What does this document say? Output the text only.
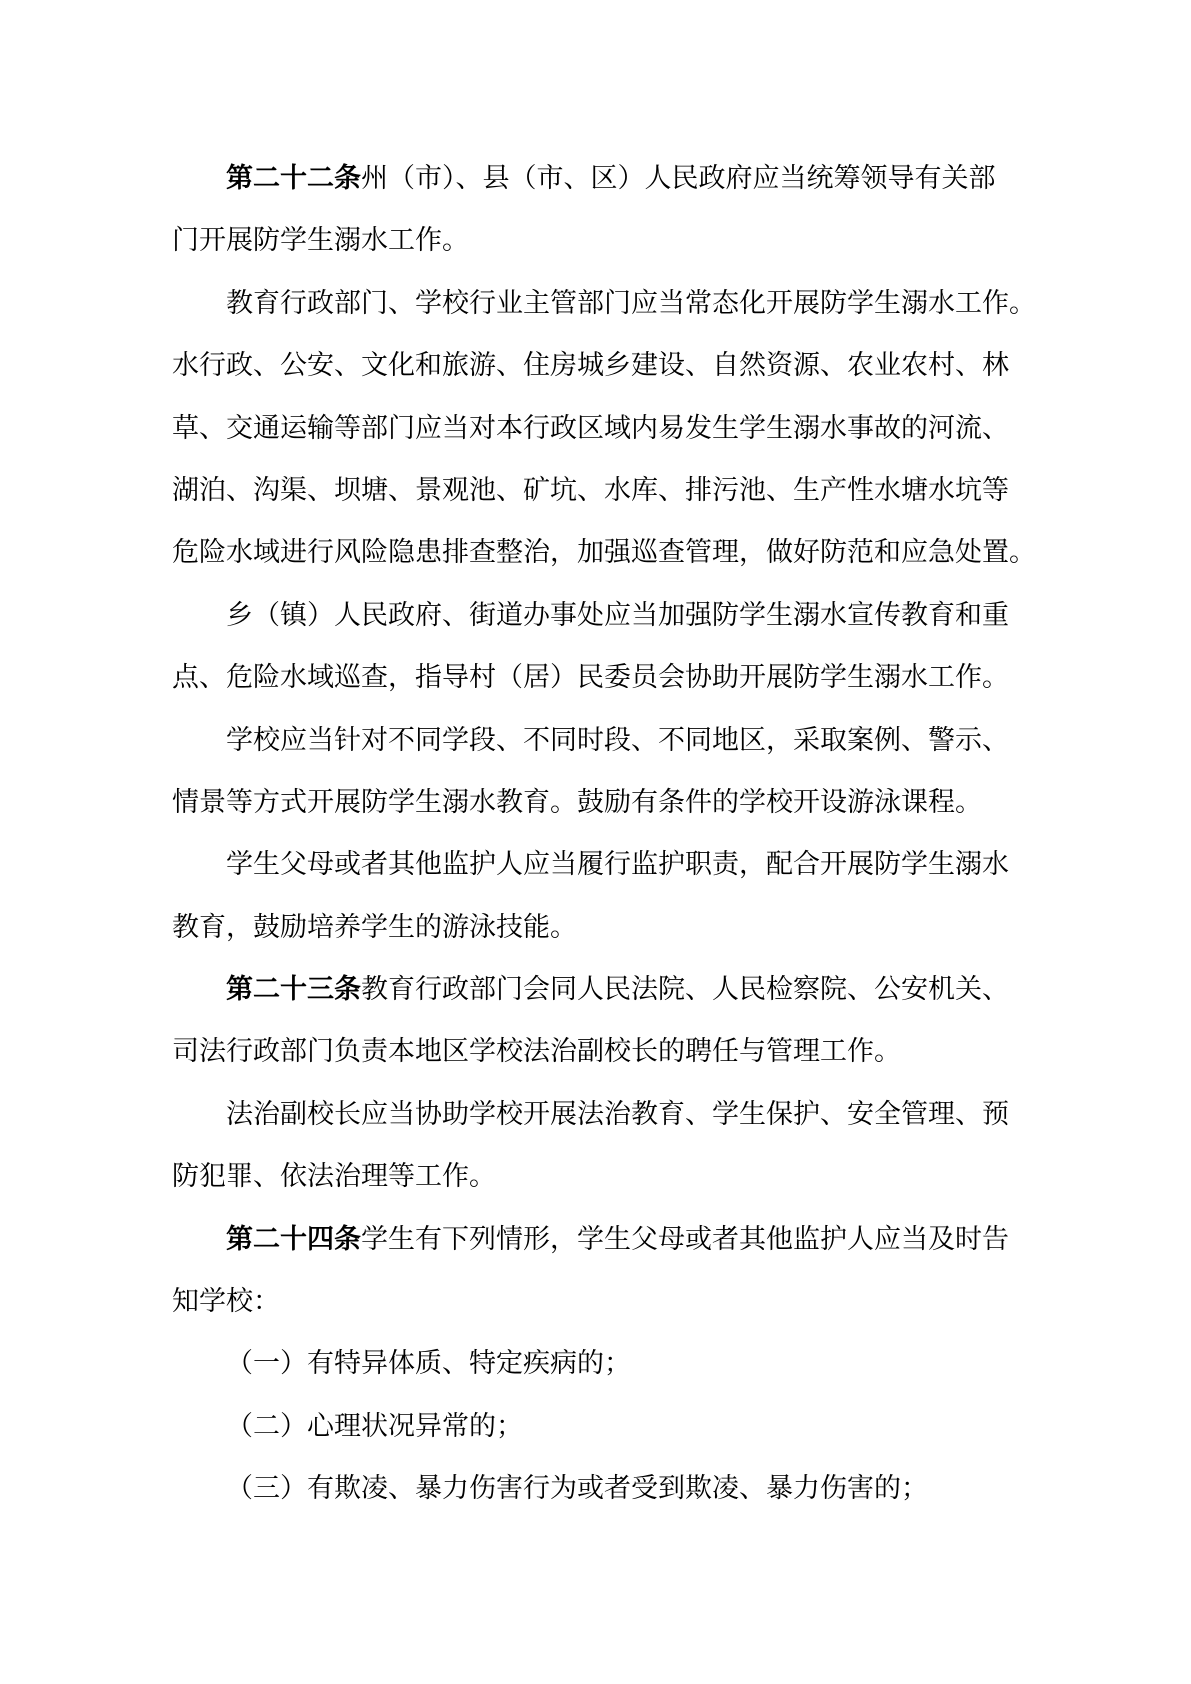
第二十二条州（市）、县（市、区）人民政府应当统筹领导有关部
门开展防学生溺水工作。
教育行政部门、学校行业主管部门应当常态化开展防学生溺水工作。
水行政、公安、文化和旅游、住房城乡建设、自然资源、农业农村、林
草、交通运输等部门应当对本行政区域内易发生学生溺水事故的河流、
湖泊、沟渠、坝塘、景观池、矿坑、水库、排污池、生产性水塘水坑等
危险水域进行风险隐患排查整治，加强巡查管理，做好防范和应急处置。
乡（镇）人民政府、街道办事处应当加强防学生溺水宣传教育和重
点、危险水域巡查，指导村（居）民委员会协助开展防学生溺水工作。
学校应当针对不同学段、不同时段、不同地区，采取案例、警示、
情景等方式开展防学生溺水教育。鼓励有条件的学校开设游泳课程。
学生父母或者其他监护人应当履行监护职责，配合开展防学生溺水
教育，鼓励培养学生的游泳技能。
第二十三条教育行政部门会同人民法院、人民检察院、公安机关、
司法行政部门负责本地区学校法治副校长的聘任与管理工作。
法治副校长应当协助学校开展法治教育、学生保护、安全管理、预
防犯罪、依法治理等工作。
第二十四条学生有下列情形，学生父母或者其他监护人应当及时告
知学校：
（一）有特异体质、特定疾病的；
（二）心理状况异常的；
（三）有欺凌、暴力伤害行为或者受到欺凌、暴力伤害的；
